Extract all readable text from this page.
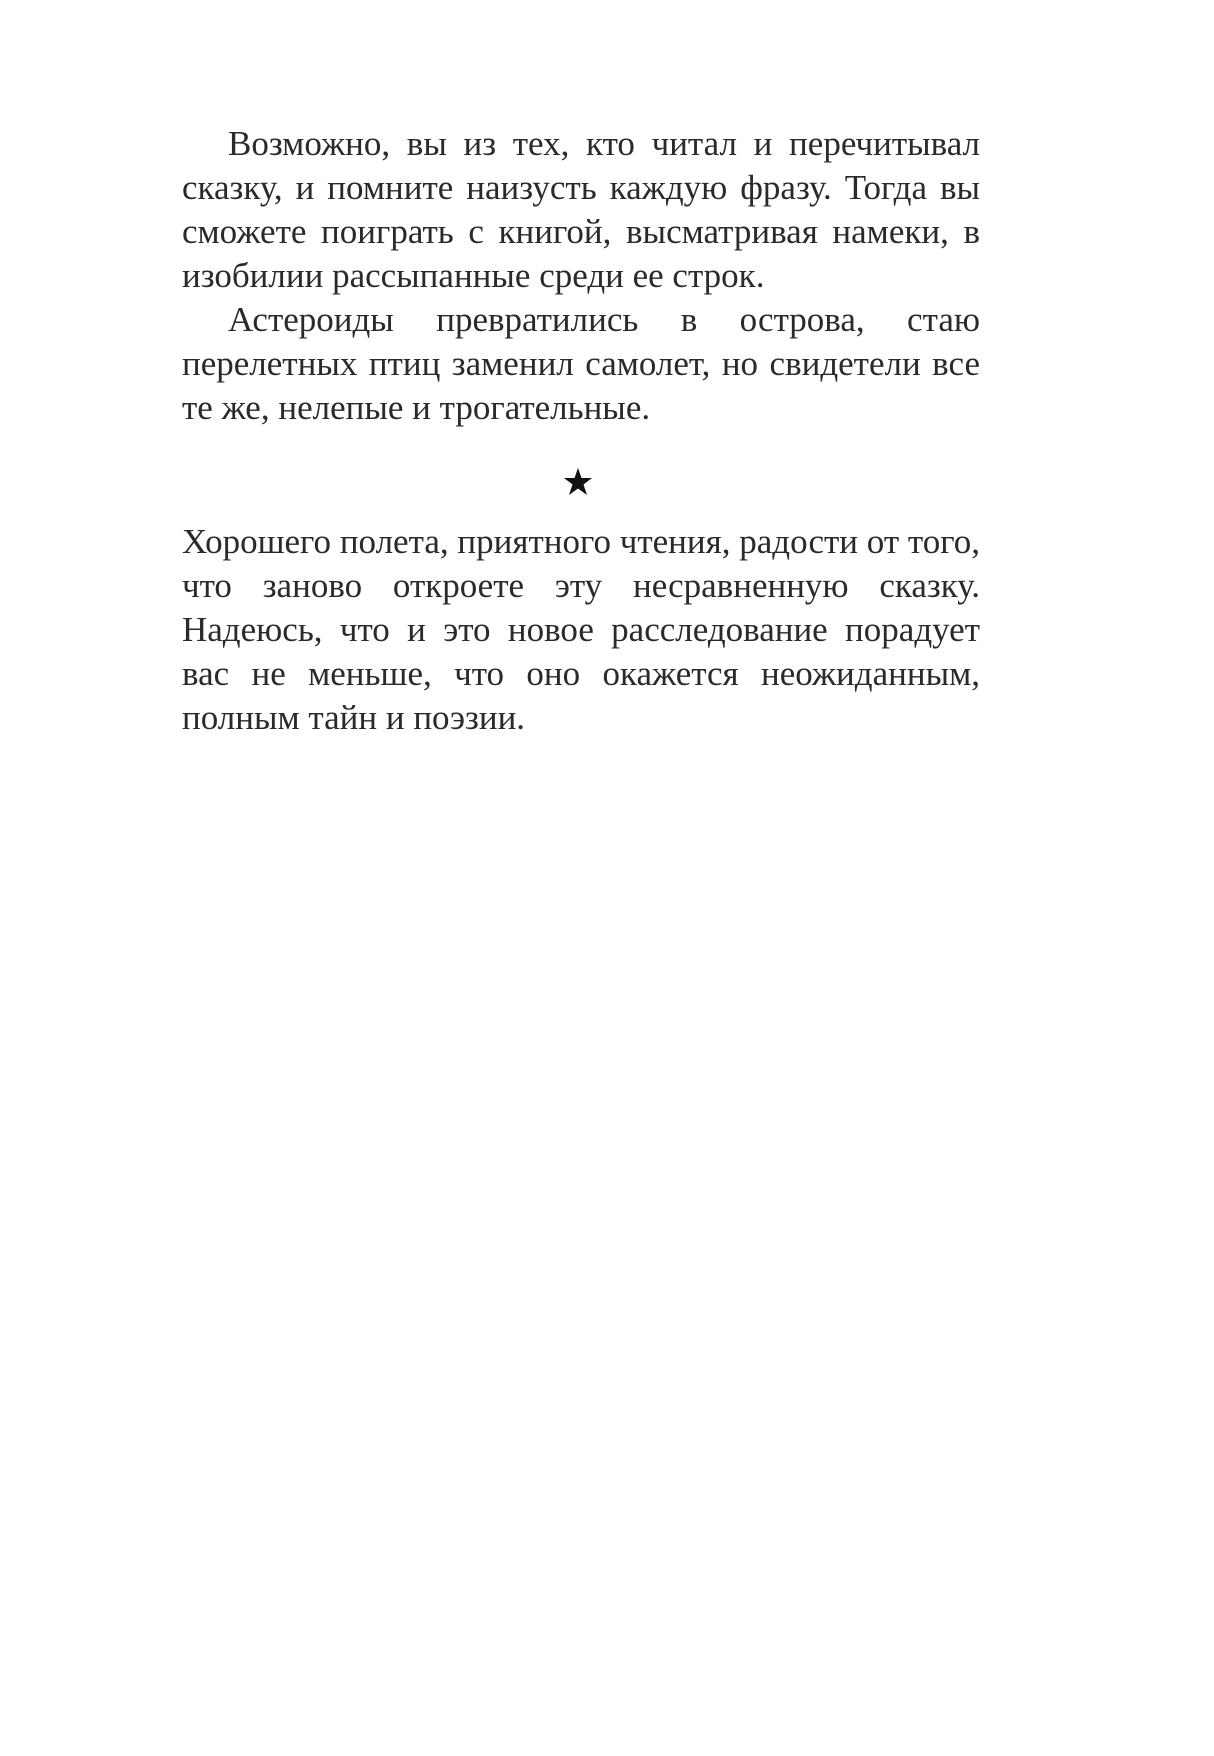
Возможно, вы из тех, кто читал и перечитывал сказку, и помните наизусть каждую фразу. Тогда вы сможете поиграть с книгой, высматривая намеки, в изобилии рассыпанные среди ее строк.

Астероиды превратились в острова, стаю перелетных птиц заменил самолет, но свидетели все те же, нелепые и трогательные.

Хорошего полета, приятного чтения, радости от того, что заново откроете эту несравненную сказку. Надеюсь, что и это новое расследование порадует вас не меньше, что оно окажется неожиданным, полным тайн и поэзии.
